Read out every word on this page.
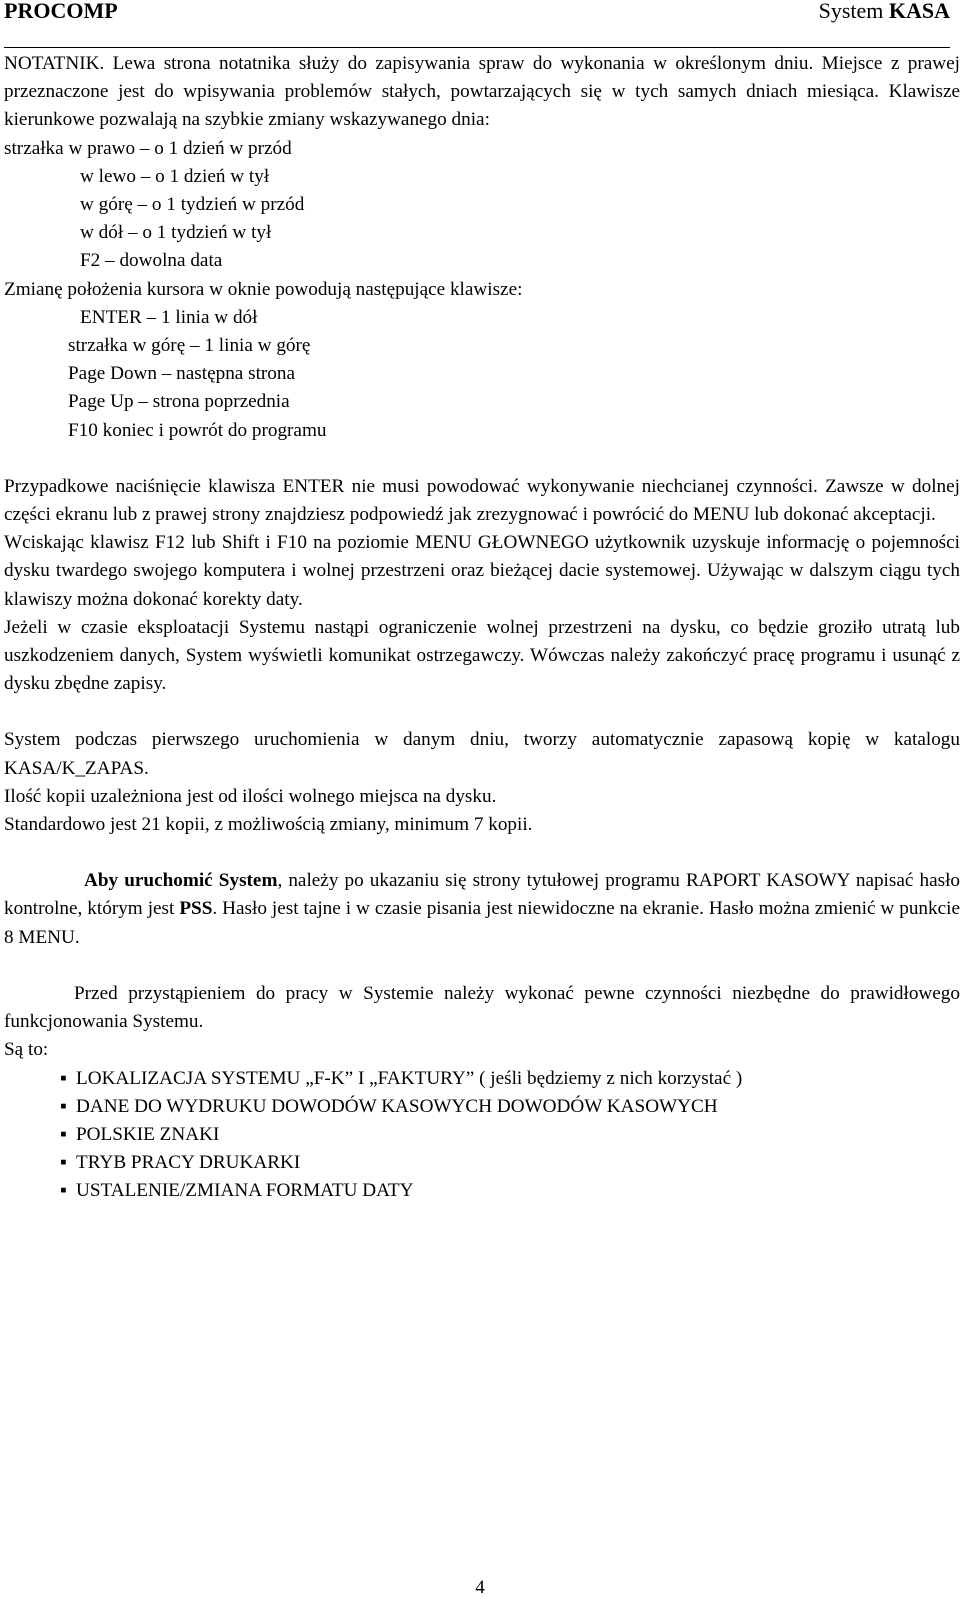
PROCOMP	System KASA

NOTATNIK. Lewa strona notatnika służy do zapisywania spraw do wykonania w określonym dniu. Miejsce z prawej przeznaczone jest do wpisywania problemów stałych, powtarzających się w tych samych dniach miesiąca. Klawisze kierunkowe pozwalają na szybkie zmiany wskazywanego dnia:

strzałka w prawo – o 1 dzień w przód
w lewo – o 1 dzień w tył
w górę – o 1 tydzień w przód
w dół – o 1 tydzień w tył
F2 – dowolna data
Zmianę położenia kursora w oknie powodują następujące klawisze:
ENTER – 1 linia w dół
strzałka w górę – 1 linia w górę
Page Down – następna strona
Page Up – strona poprzednia
F10 koniec i powrót do programu

Przypadkowe naciśnięcie klawisza ENTER nie musi powodować wykonywanie niechcianej czynności. Zawsze w dolnej części ekranu lub z prawej strony znajdziesz podpowiedź jak zrezygnować i powrócić do MENU lub dokonać akceptacji.

Wciskając klawisz F12 lub Shift i F10 na poziomie MENU GŁOWNEGO użytkownik uzyskuje informację o pojemności dysku twardego swojego komputera i wolnej przestrzeni oraz bieżącej dacie systemowej. Używając w dalszym ciągu tych klawiszy można dokonać korekty daty.

Jeżeli w czasie eksploatacji Systemu nastąpi ograniczenie wolnej przestrzeni na dysku, co będzie groziło utratą lub uszkodzeniem danych, System wyświetli komunikat ostrzegawczy. Wówczas należy zakończyć pracę programu i usunąć z dysku zbędne zapisy.

System podczas pierwszego uruchomienia w danym dniu, tworzy automatycznie zapasową kopię w katalogu KASA/K_ZAPAS.

Ilość kopii uzależniona jest od ilości wolnego miejsca na dysku.

Standardowo jest 21 kopii, z możliwością zmiany, minimum 7 kopii.

Aby uruchomić System, należy po ukazaniu się strony tytułowej programu RAPORT KASOWY napisać hasło kontrolne, którym jest PSS. Hasło jest tajne i w czasie pisania jest niewidoczne na ekranie. Hasło można zmienić w punkcie 8 MENU.

Przed przystąpieniem do pracy w Systemie należy wykonać pewne czynności niezbędne do prawidłowego funkcjonowania Systemu.

Są to:

▪ LOKALIZACJA SYSTEMU „F-K” I „FAKTURY” ( jeśli będziemy z nich korzystać )
▪ DANE DO WYDRUKU DOWODÓW KASOWYCH DOWODÓW KASOWYCH
▪ POLSKIE ZNAKI
▪ TRYB PRACY DRUKARKI
▪ USTALENIE/ZMIANA FORMATU DATY
4
